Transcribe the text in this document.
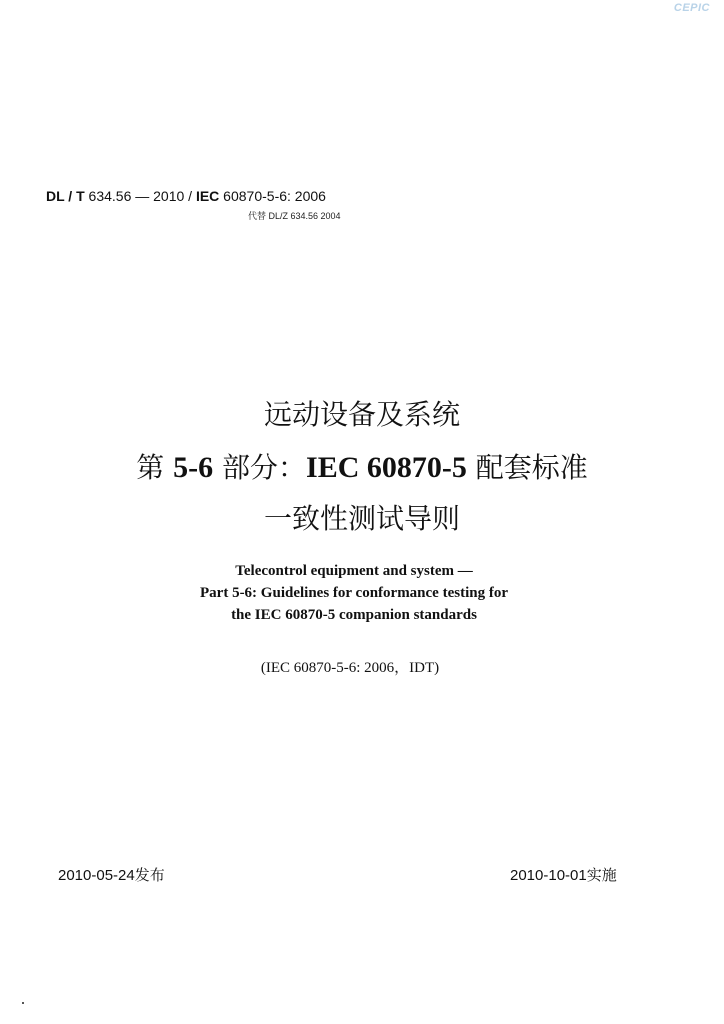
CEPIC
DL / T 634.56 — 2010 / IEC 60870-5-6: 2006
代替 DL/Z 634.56 2004
远动设备及系统
第 5-6 部分：IEC 60870-5 配套标准
一致性测试导则
Telecontrol equipment and system —
Part 5-6: Guidelines for conformance testing for
the IEC 60870-5 companion standards
(IEC 60870-5-6: 2006，IDT)
2010-05-24发布	2010-10-01实施
